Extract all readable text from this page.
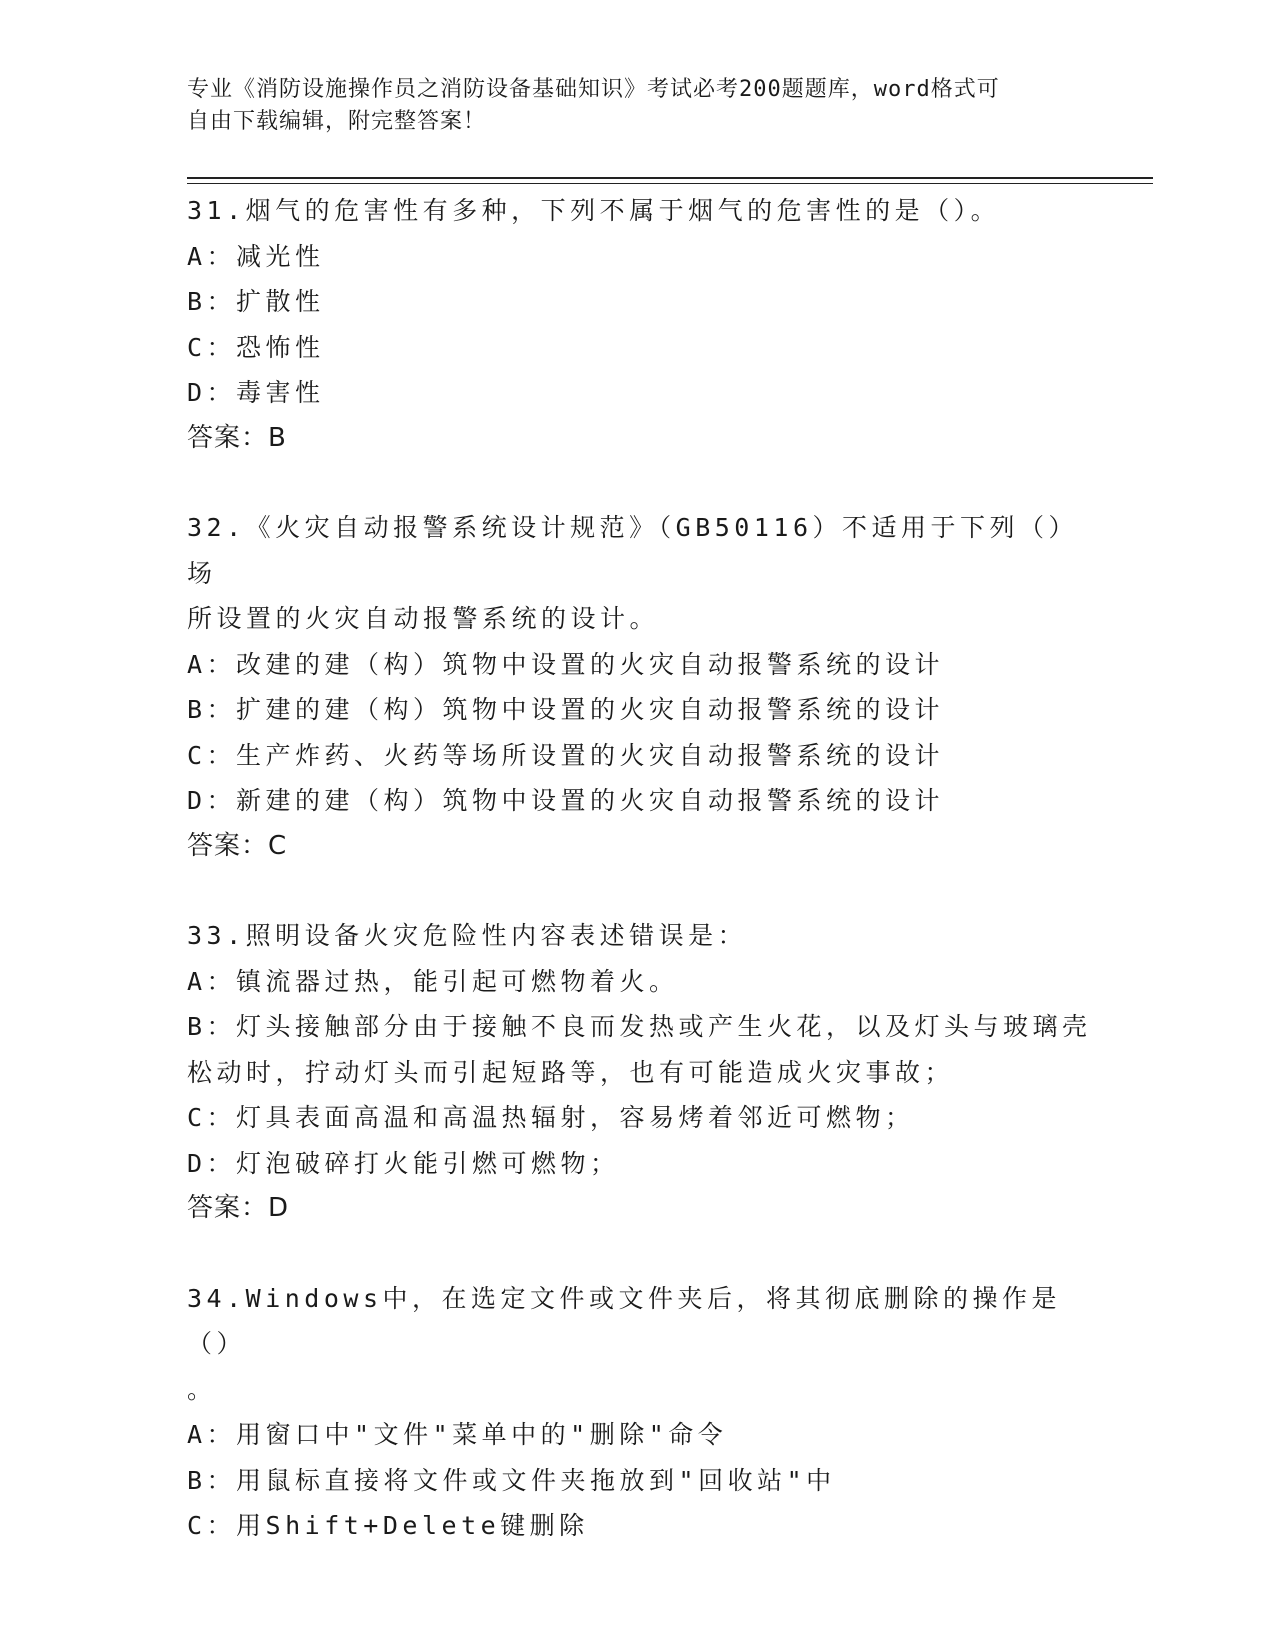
专业《消防设施操作员之消防设备基础知识》考试必考200题题库，word格式可
自由下载编辑，附完整答案！
31.烟气的危害性有多种，下列不属于烟气的危害性的是（）。
A：减光性
B：扩散性
C：恐怖性
D：毒害性
答案：B
32.《火灾自动报警系统设计规范》（GB50116）不适用于下列（）场
所设置的火灾自动报警系统的设计。
A：改建的建（构）筑物中设置的火灾自动报警系统的设计
B：扩建的建（构）筑物中设置的火灾自动报警系统的设计
C：生产炸药、火药等场所设置的火灾自动报警系统的设计
D：新建的建（构）筑物中设置的火灾自动报警系统的设计
答案：C
33.照明设备火灾危险性内容表述错误是：
A：镇流器过热，能引起可燃物着火。
B：灯头接触部分由于接触不良而发热或产生火花，以及灯头与玻璃壳
松动时，拧动灯头而引起短路等，也有可能造成火灾事故；
C：灯具表面高温和高温热辐射，容易烤着邻近可燃物；
D：灯泡破碎打火能引燃可燃物；
答案：D
34.Windows中，在选定文件或文件夹后，将其彻底删除的操作是（）
。
A：用窗口中"文件"菜单中的"删除"命令
B：用鼠标直接将文件或文件夹拖放到"回收站"中
C：用Shift+Delete键删除
